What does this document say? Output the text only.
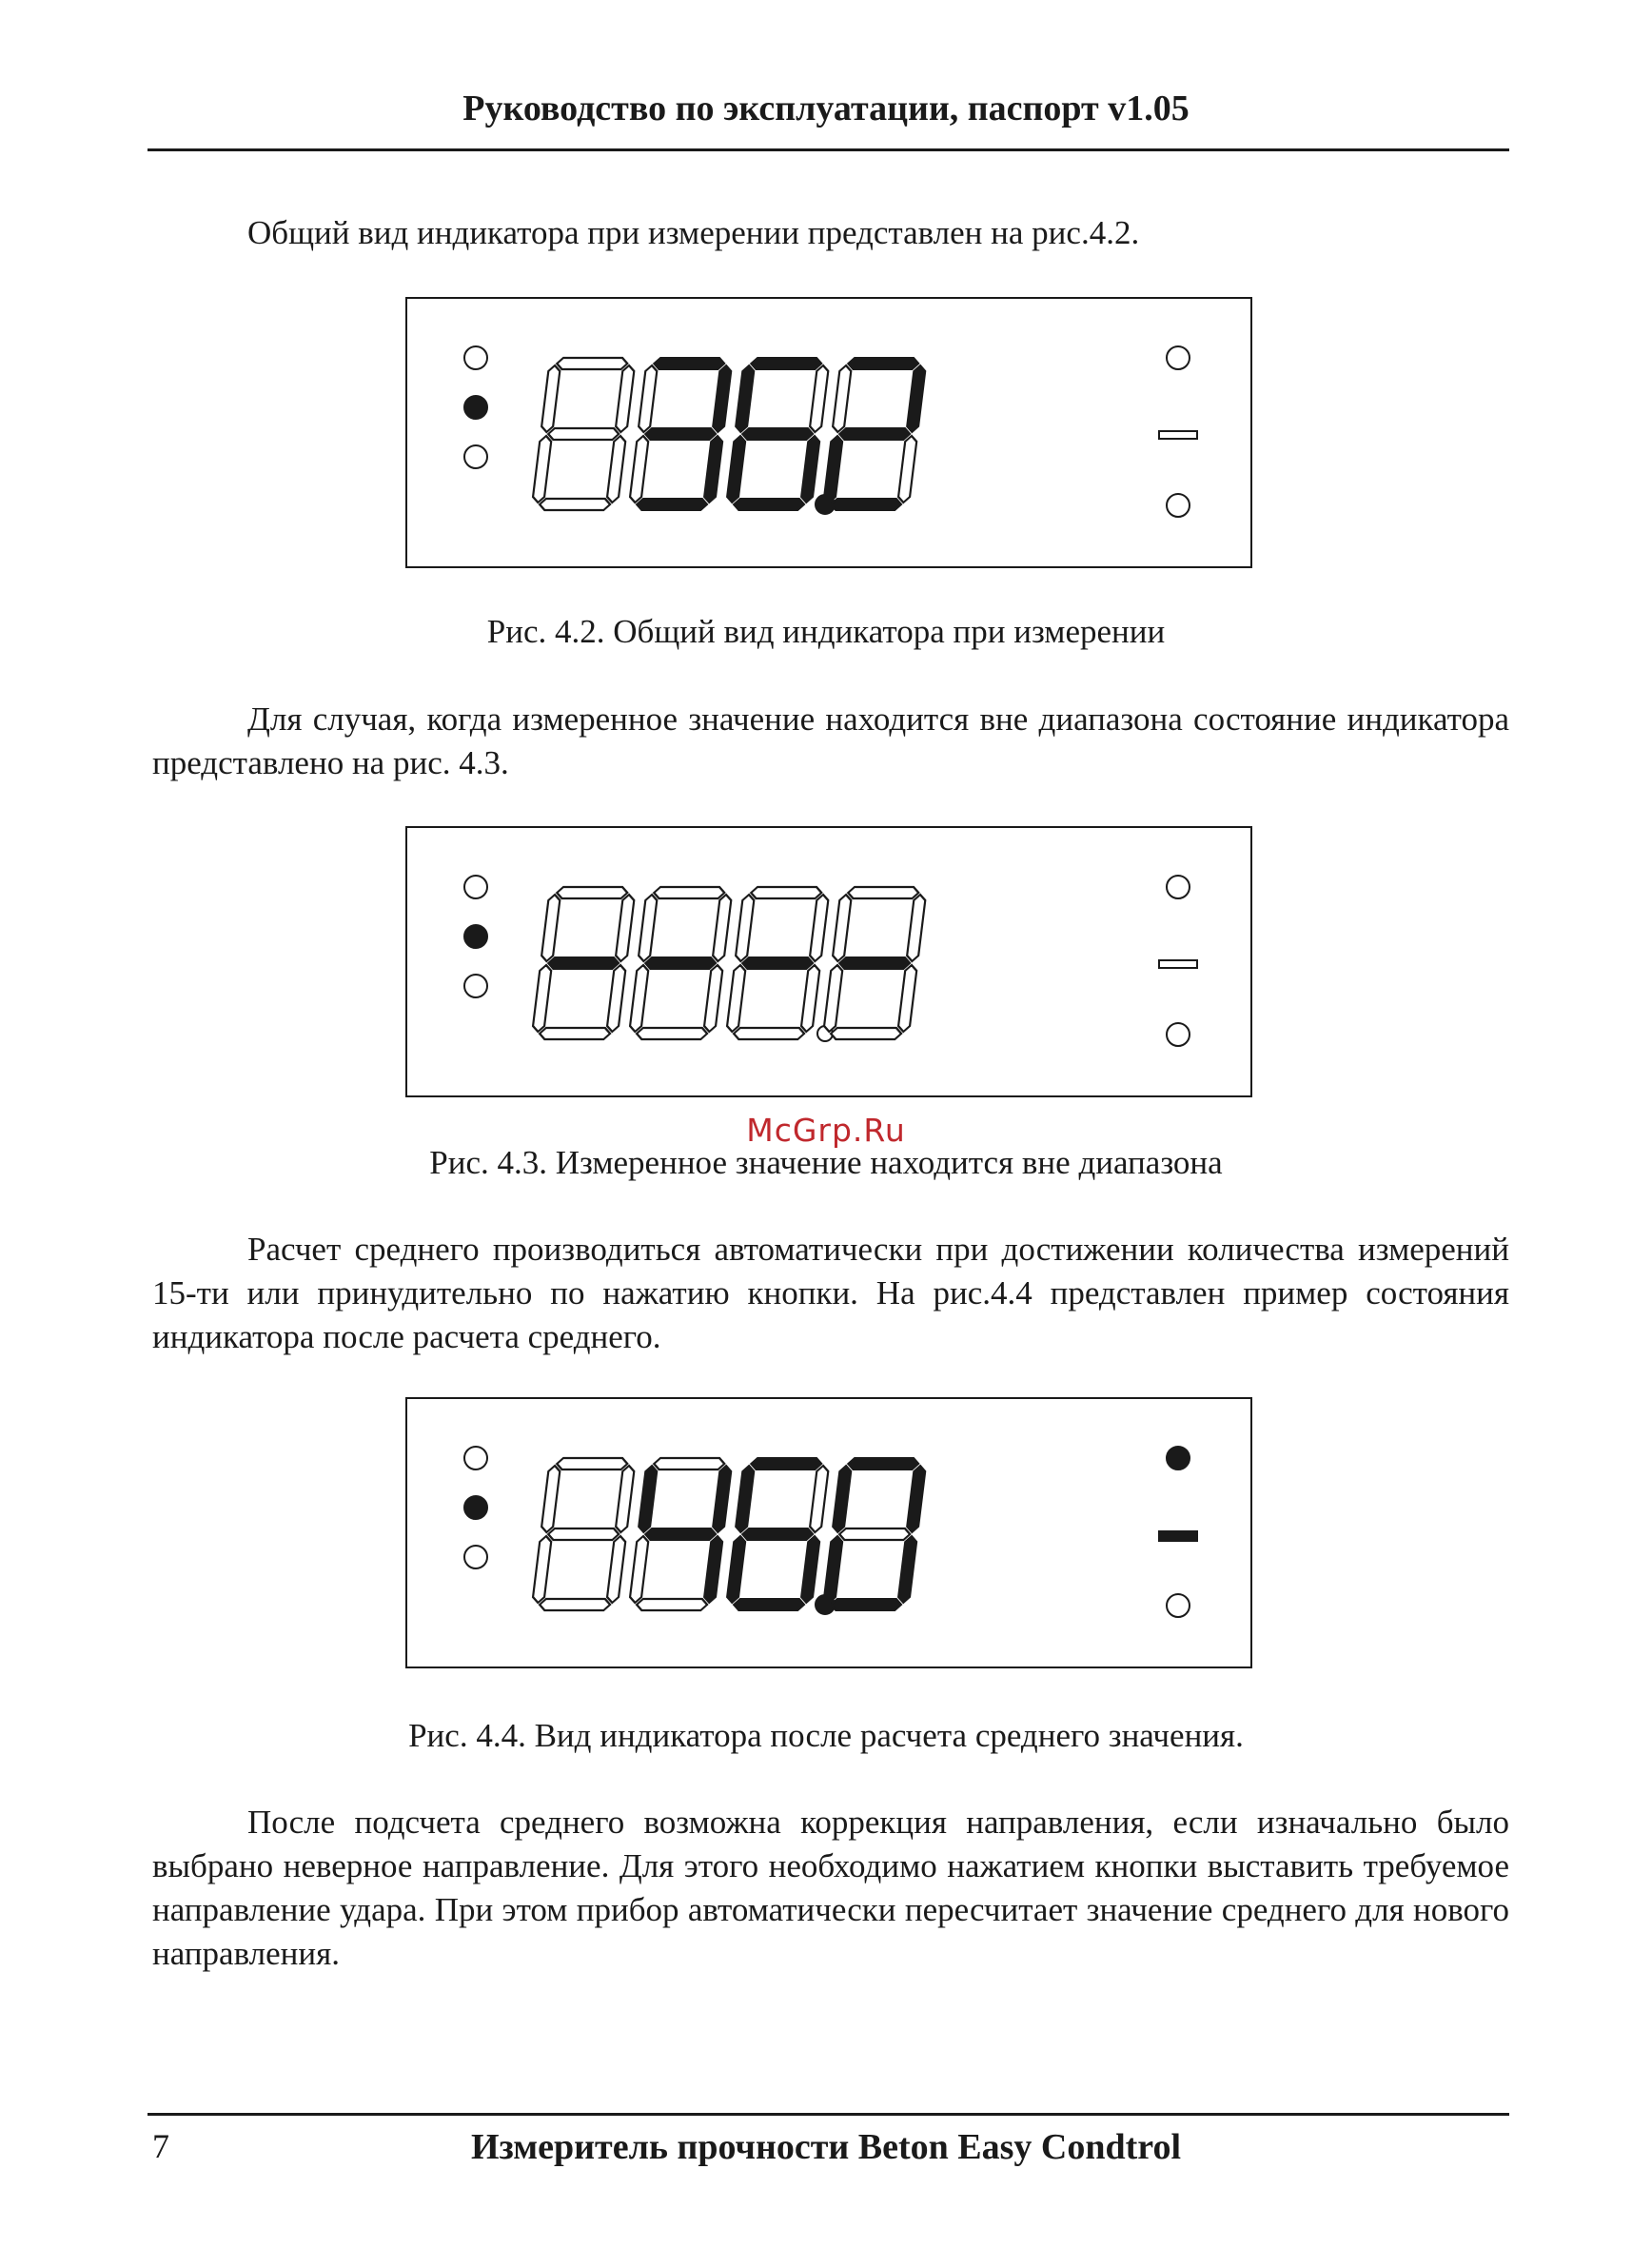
Руководство по эксплуатации, паспорт v1.05

Общий вид индикатора при измерении представлен на рис.4.2.

Рис. 4.2. Общий вид индикатора при измерении

Для случая, когда измеренное значение находится вне диапазона состояние индикатора представлено на рис. 4.3.

McGrp.Ru
Рис. 4.3. Измеренное значение находится вне диапазона

Расчет среднего производиться автоматически при достижении количества измерений 15-ти или принудительно по нажатию кнопки. На рис.4.4 представлен пример состояния индикатора после расчета среднего.

Рис. 4.4. Вид индикатора после расчета среднего значения.

После подсчета среднего возможна коррекция направления, если изначально было выбрано неверное направление. Для этого необходимо нажатием кнопки выставить требуемое направление удара. При этом прибор автоматически пересчитает значение среднего для нового направления.

7	Измеритель прочности Beton Easy Condtrol
